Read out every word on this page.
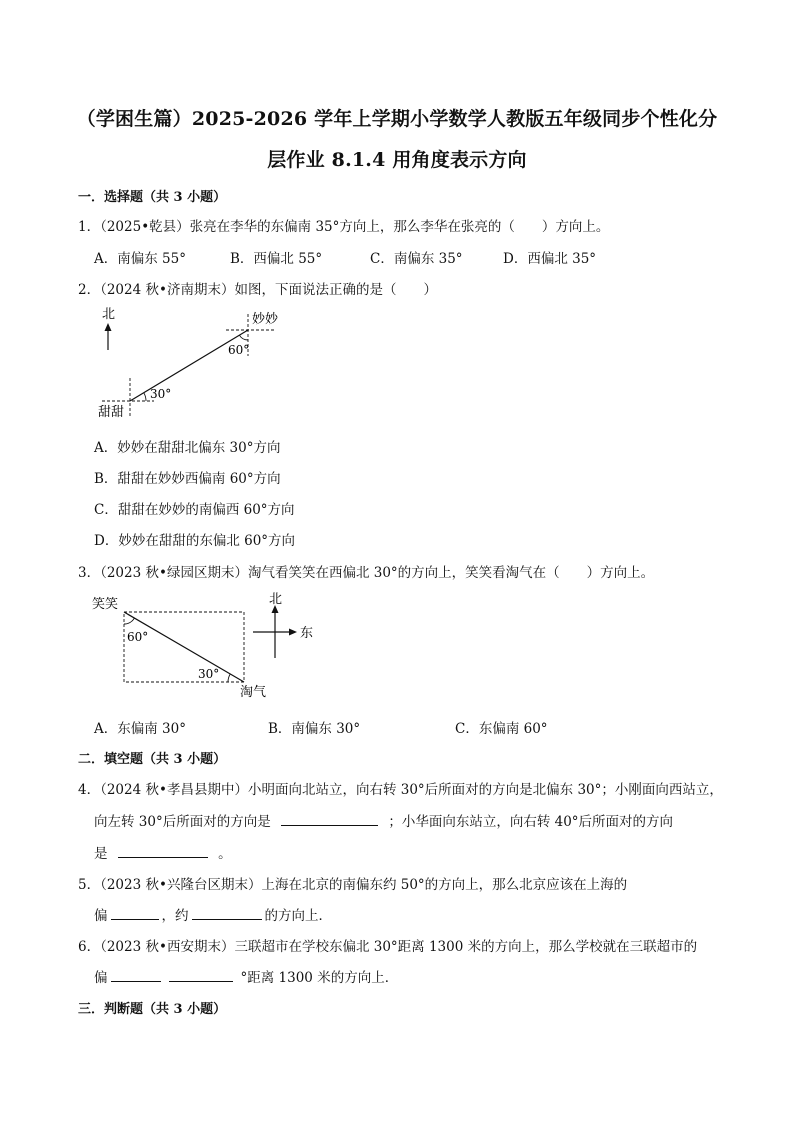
（学困生篇）2025-2026 学年上学期小学数学人教版五年级同步个性化分
层作业 8.1.4 用角度表示方向
一．选择题（共 3 小题）
1．（2025•乾县）张亮在李华的东偏南 35°方向上，那么李华在张亮的（　　）方向上。
A．南偏东 55°	B．西偏北 55°	C．南偏东 35°	D．西偏北 35°
2．（2024 秋•济南期末）如图，下面说法正确的是（　　）
北	妙妙
甜甜
60°
30°
A．妙妙在甜甜北偏东 30°方向
B．甜甜在妙妙西偏南 60°方向
C．甜甜在妙妙的南偏西 60°方向
D．妙妙在甜甜的东偏北 60°方向
3．（2023 秋•绿园区期末）淘气看笑笑在西偏北 30°的方向上，笑笑看淘气在（　　）方向上。
笑笑
淘气
60°
30°
北
东
A．东偏南 30°	B．南偏东 30°	C．东偏南 60°
二．填空题（共 3 小题）
4．（2024 秋•孝昌县期中）小明面向北站立，向右转 30°后所面对的方向是北偏东 30°；小刚面向西站立，
向左转 30°后所面对的方向是	；小华面向东站立，向右转 40°后所面对的方向
是	。
5．（2023 秋•兴隆台区期末）上海在北京的南偏东约 50°的方向上，那么北京应该在上海的
偏	，约	的方向上．
6．（2023 秋•西安期末）三联超市在学校东偏北 30°距离 1300 米的方向上，那么学校就在三联超市的
偏	°距离 1300 米的方向上．
三．判断题（共 3 小题）
